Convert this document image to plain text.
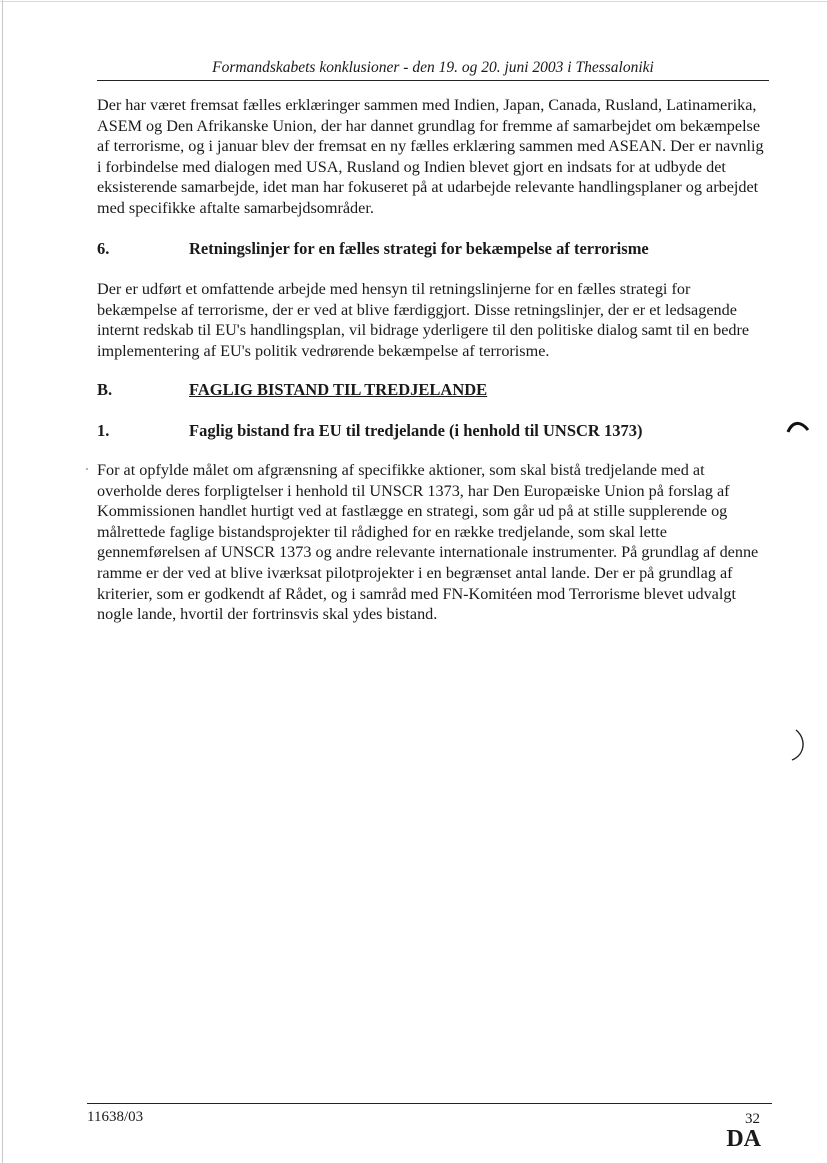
Formandskabets konklusioner - den 19. og 20. juni 2003 i Thessaloniki

Der har været fremsat fælles erklæringer sammen med Indien, Japan, Canada, Rusland, Latinamerika, ASEM og Den Afrikanske Union, der har dannet grundlag for fremme af samarbejdet om bekæmpelse af terrorisme, og i januar blev der fremsat en ny fælles erklæring sammen med ASEAN. Der er navnlig i forbindelse med dialogen med USA, Rusland og Indien blevet gjort en indsats for at udbyde det eksisterende samarbejde, idet man har fokuseret på at udarbejde relevante handlingsplaner og arbejdet med specifikke aftalte samarbejdsområder.

6.	Retningslinjer for en fælles strategi for bekæmpelse af terrorisme

Der er udført et omfattende arbejde med hensyn til retningslinjerne for en fælles strategi for bekæmpelse af terrorisme, der er ved at blive færdiggjort. Disse retningslinjer, der er et ledsagende internt redskab til EU's handlingsplan, vil bidrage yderligere til den politiske dialog samt til en bedre implementering af EU's politik vedrørende bekæmpelse af terrorisme.

B.	FAGLIG BISTAND TIL TREDJELANDE
1.	Faglig bistand fra EU til tredjelande (i henhold til UNSCR 1373)

For at opfylde målet om afgrænsning af specifikke aktioner, som skal bistå tredjelande med at overholde deres forpligtelser i henhold til UNSCR 1373, har Den Europæiske Union på forslag af Kommissionen handlet hurtigt ved at fastlægge en strategi, som går ud på at stille supplerende og målrettede faglige bistandsprojekter til rådighed for en række tredjelande, som skal lette gennemførelsen af UNSCR 1373 og andre relevante internationale instrumenter. På grundlag af denne ramme er der ved at blive iværksat pilotprojekter i en begrænset antal lande. Der er på grundlag af kriterier, som er godkendt af Rådet, og i samråd med FN-Komitéen mod Terrorisme blevet udvalgt nogle lande, hvortil der fortrinsvis skal ydes bistand.

11638/03	32
DA
